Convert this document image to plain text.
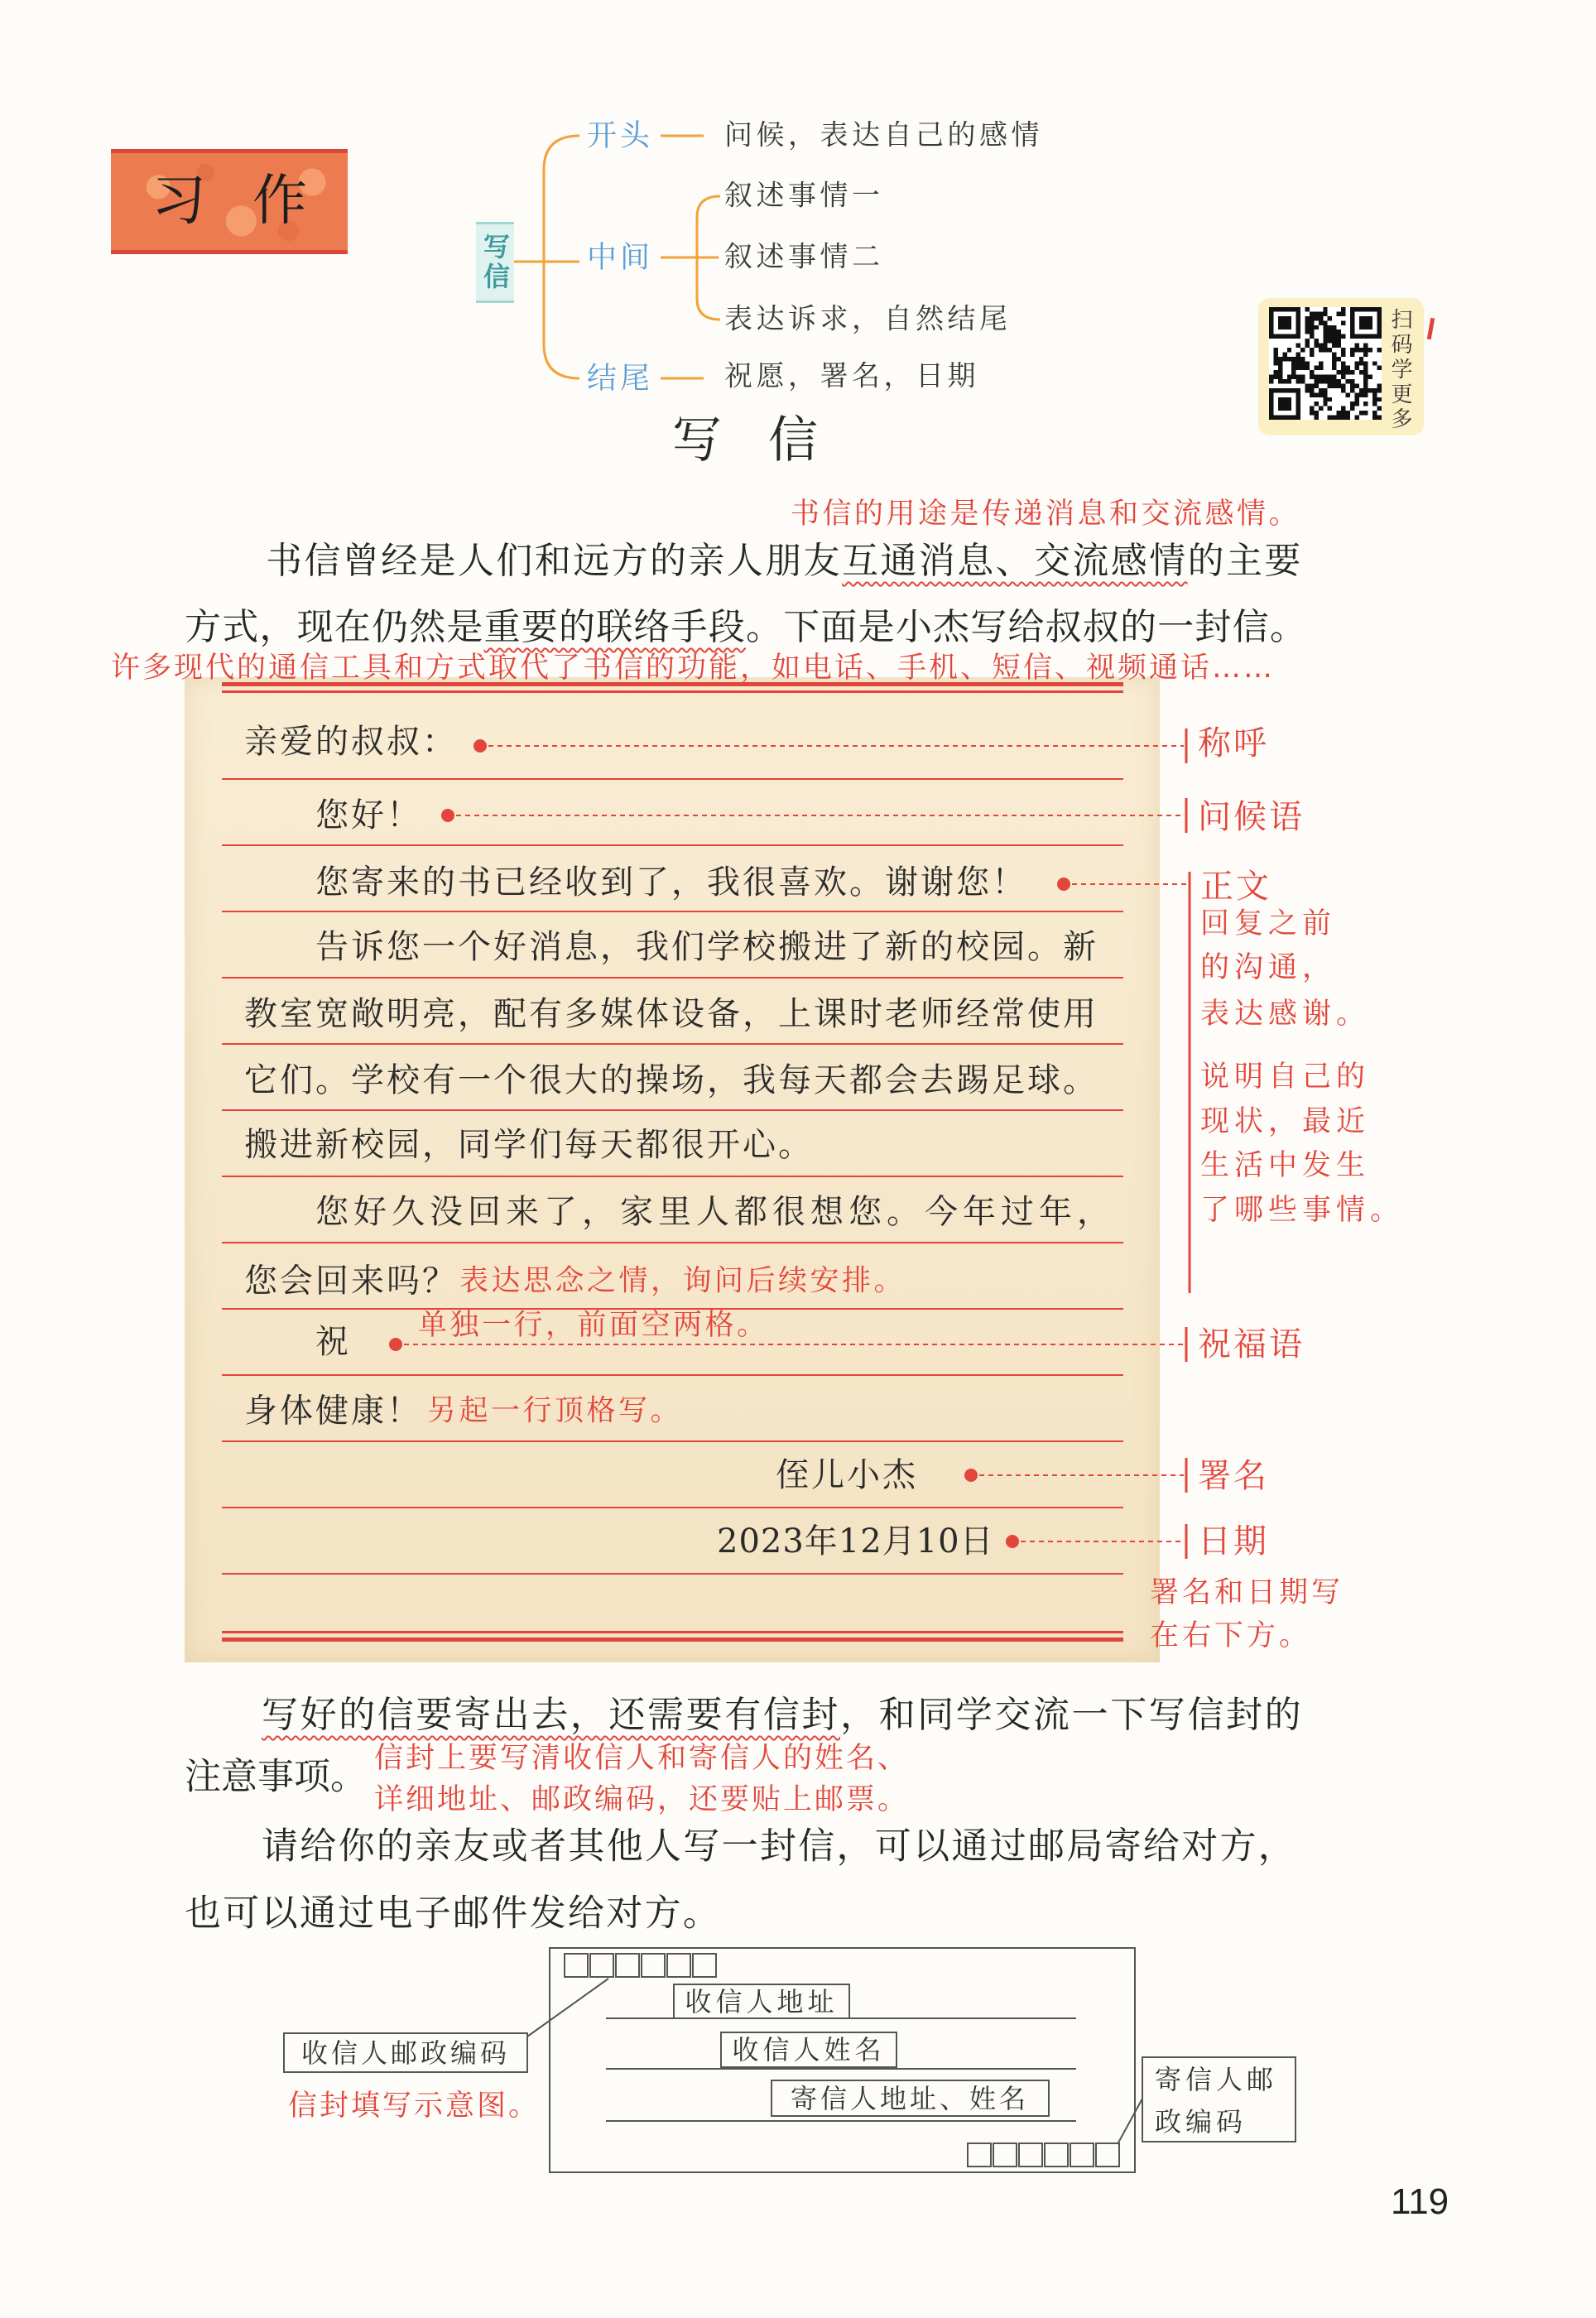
习作
写信
扫码学更多
开头	问候，表达自己的感情
中间
叙述事情一
叙述事情二
表达诉求，自然结尾
结尾	祝愿，署名，日期
写信
书信的用途是传递消息和交流感情。
书信曾经是人们和远方的亲人朋友 互通消息、交流感情 的主要
方式，现在仍然是 重要的联络手段 。下面是小杰写给叔叔的一封信。
许多现代的通信工具和方式取代了书信的功能，如电话、手机、短信、视频通话……
亲爱的叔叔：
您好！
您寄来的书已经收到了，我很喜欢。谢谢您！
告诉您一个好消息，我们学校搬进了新的校园。新
教室宽敞明亮，配有多媒体设备，上课时老师经常使用
它们。学校有一个很大的操场，我每天都会去踢足球。
搬进新校园，同学们每天都很开心。
您好久没回来了，家里人都很想您。今年过年，
您会回来吗？ 表达思念之情，询问后续安排。
祝 单独一行，前面空两格。
身体健康！ 另起一行顶格写。
侄儿小杰
2023年12月10日
称呼
问候语
正文
祝福语
署名
日期
回复之前
的沟通，
表达感谢。
说明自己的
现状，最近
生活中发生
了哪些事情。
署名和日期写
在右下方。
写好的信要寄出去，还需要有信封 ，和同学交流一下写信封的
注意事项。 信封上要写清收信人和寄信人的姓名、
详细地址、邮政编码，还要贴上邮票。
请给你的亲友或者其他人写一封信，可以通过邮局寄给对方，
也可以通过电子邮件发给对方。
收信人地址
收信人姓名
寄信人地址、姓名
收信人邮政编码
寄信人邮
政编码
信封填写示意图。
119
